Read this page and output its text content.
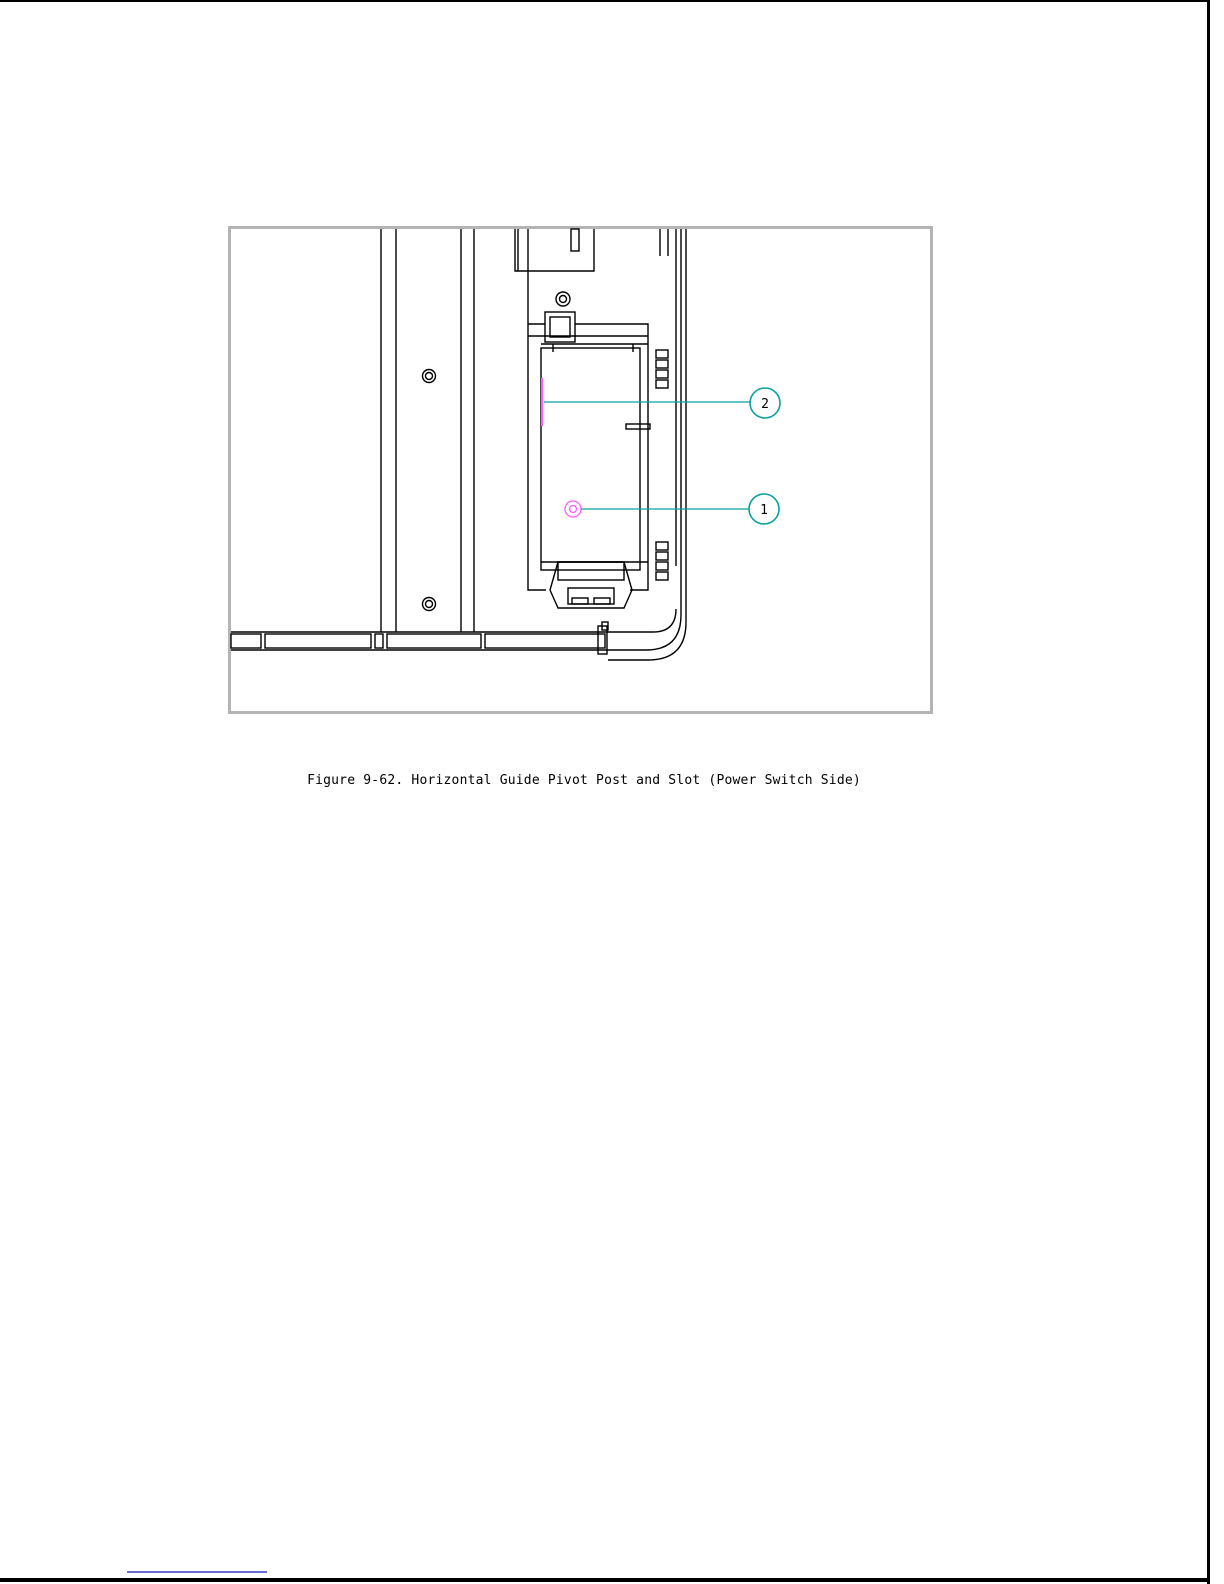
2
1
Figure 9-62. Horizontal Guide Pivot Post and Slot (Power Switch Side)
